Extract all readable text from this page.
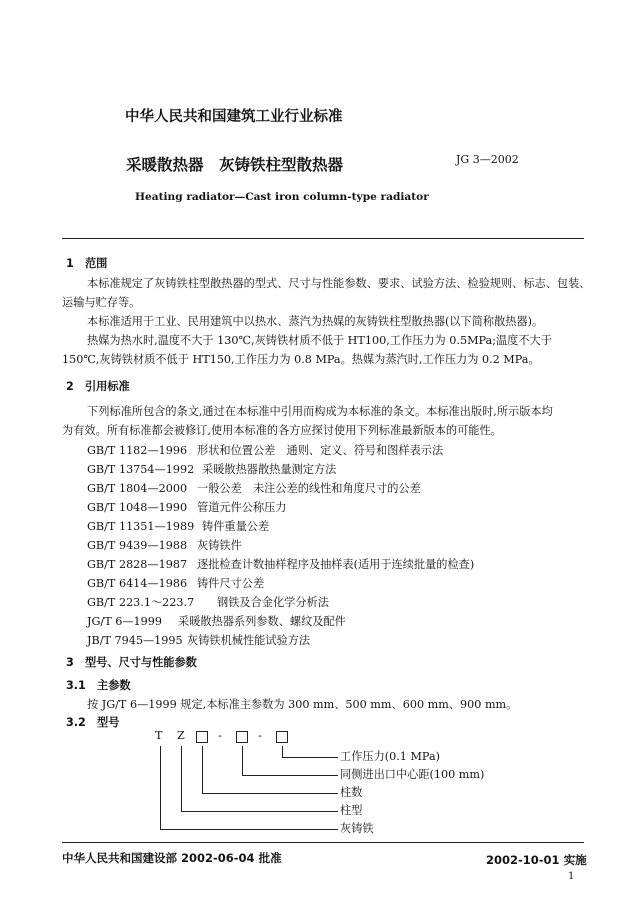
中华人民共和国建筑工业行业标准
采暖散热器　灰铸铁柱型散热器	JG 3—2002
Heating radiator—Cast iron column-type radiator
1　范围
本标准规定了灰铸铁柱型散热器的型式、尺寸与性能参数、要求、试验方法、检验规则、标志、包装、
运输与贮存等。
本标准适用于工业、民用建筑中以热水、蒸汽为热媒的灰铸铁柱型散热器(以下简称散热器)。
热媒为热水时,温度不大于 130℃,灰铸铁材质不低于 HT100,工作压力为 0.5MPa;温度不大于
150℃,灰铸铁材质不低于 HT150,工作压力为 0.8 MPa。热媒为蒸汽时,工作压力为 0.2 MPa。
2　引用标准
下列标准所包含的条文,通过在本标准中引用而构成为本标准的条文。本标准出版时,所示版本均
为有效。所有标准都会被修订,使用本标准的各方应探讨使用下列标准最新版本的可能性。
GB/T 1182—1996 形状和位置公差　通则、定义、符号和图样表示法
GB/T 13754—1992 采暖散热器散热量测定方法
GB/T 1804—2000 一般公差　未注公差的线性和角度尺寸的公差
GB/T 1048—1990 管道元件公称压力
GB/T 11351—1989 铸件重量公差
GB/T 9439—1988 灰铸铁件
GB/T 2828—1987 逐批检查计数抽样程序及抽样表(适用于连续批量的检查)
GB/T 6414—1986 铸件尺寸公差
GB/T 223.1～223.7 钢铁及合金化学分析法
JG/T 6—1999 采暖散热器系列参数、螺纹及配件
JB/T 7945—1995 灰铸铁机械性能试验方法
3　型号、尺寸与性能参数
3.1　主参数
按 JG/T 6—1999 规定,本标准主参数为 300 mm、500 mm、600 mm、900 mm。
3.2　型号
T Z	-	-
工作压力(0.1 MPa)
同侧进出口中心距(100 mm)
柱数
柱型
灰铸铁
中华人民共和国建设部 2002-06-04 批准	2002-10-01 实施
1
